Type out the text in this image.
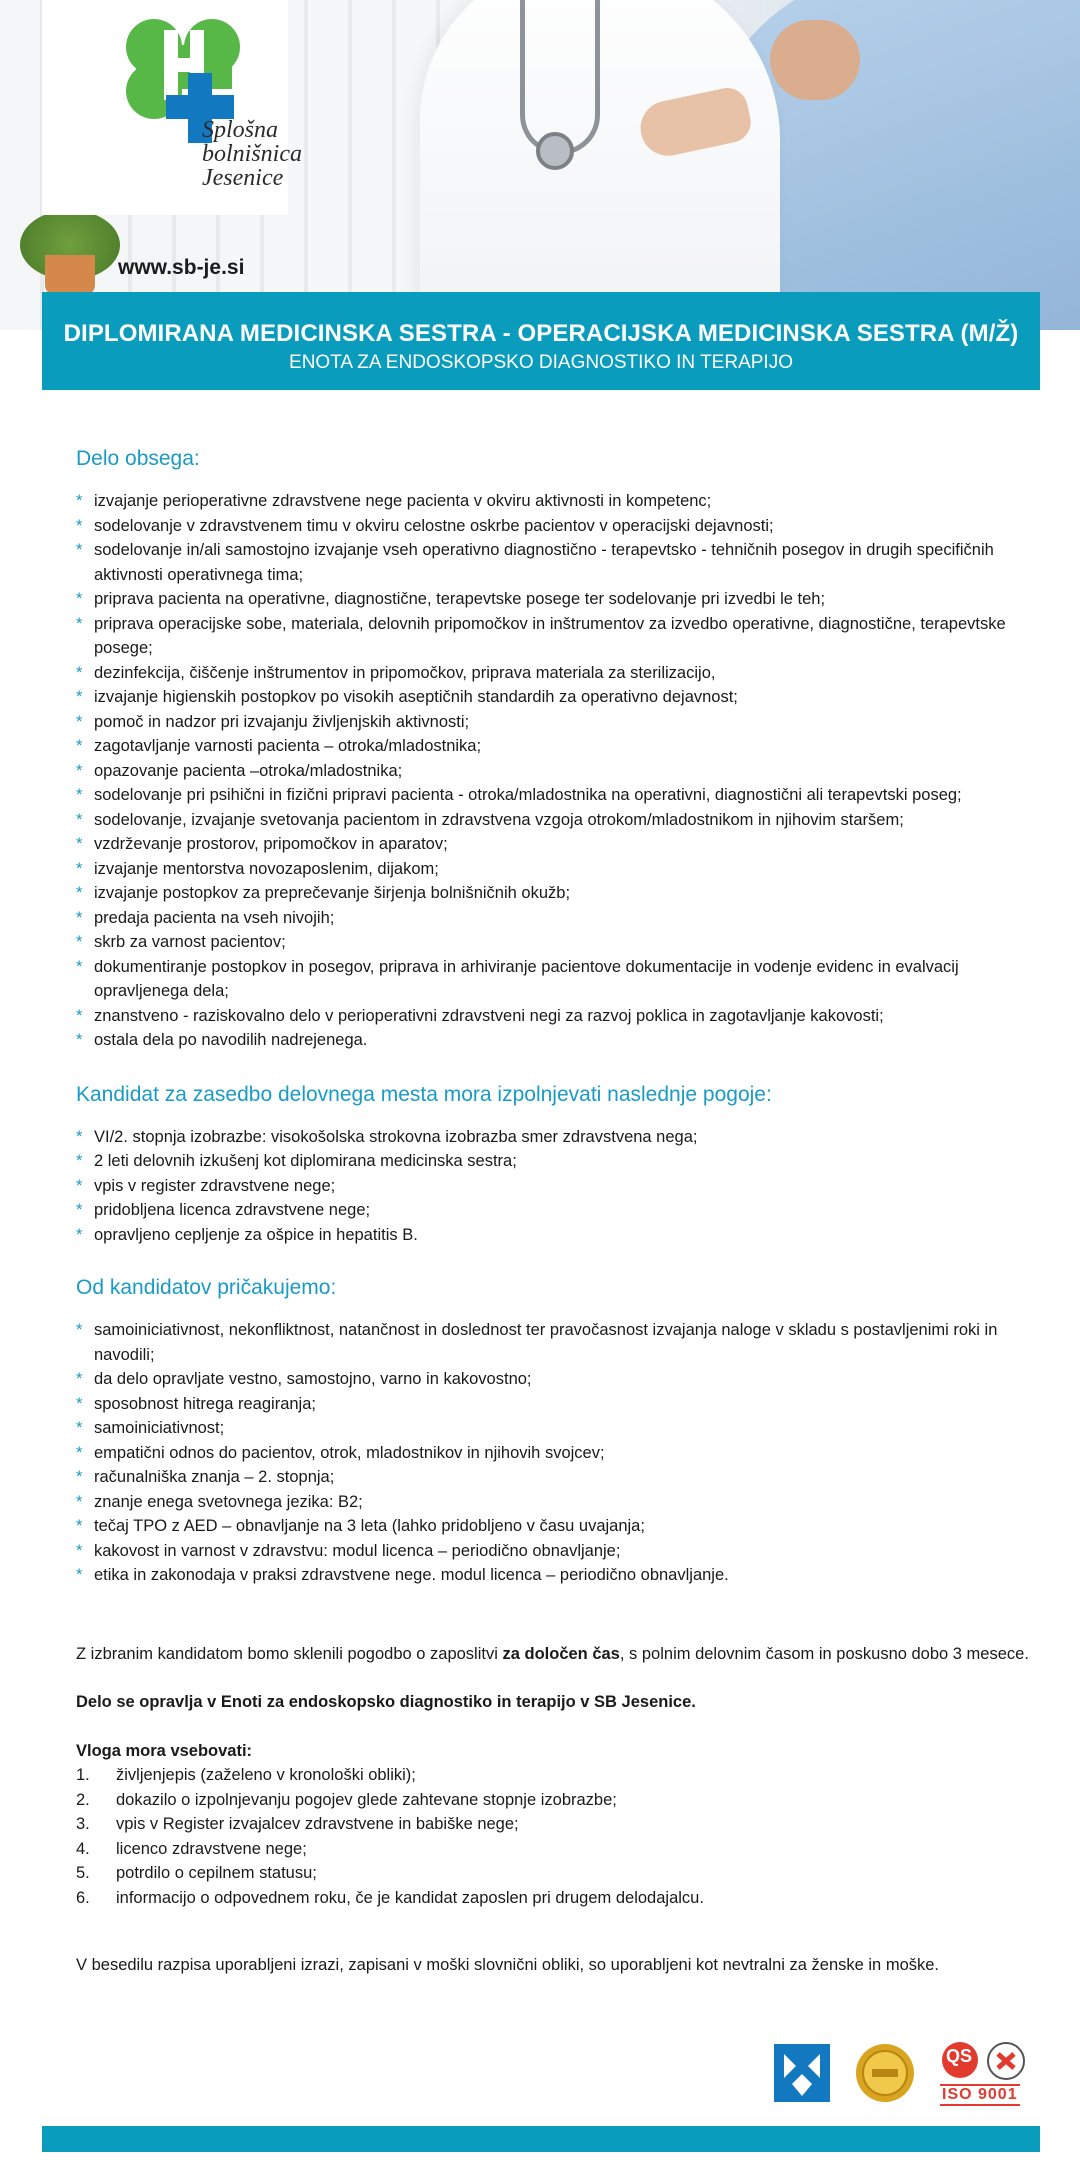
Splošna
bolnišnica
Jesenice
www.sb-je.si
DIPLOMIRANA MEDICINSKA SESTRA - OPERACIJSKA MEDICINSKA SESTRA (M/Ž)
ENOTA ZA ENDOSKOPSKO DIAGNOSTIKO IN TERAPIJO
Delo obsega:
* izvajanje perioperativne zdravstvene nege pacienta v okviru aktivnosti in kompetenc;
* sodelovanje v zdravstvenem timu v okviru celostne oskrbe pacientov v operacijski dejavnosti;
* sodelovanje in/ali samostojno izvajanje vseh operativno diagnostično - terapevtsko - tehničnih posegov in drugih specifičnih aktivnosti operativnega tima;
* priprava pacienta na operativne, diagnostične, terapevtske posege ter sodelovanje pri izvedbi le teh;
* priprava operacijske sobe, materiala, delovnih pripomočkov in inštrumentov za izvedbo operativne, diagnostične, terapevtske posege;
* dezinfekcija, čiščenje inštrumentov in pripomočkov, priprava materiala za sterilizacijo,
* izvajanje higienskih postopkov po visokih aseptičnih standardih za operativno dejavnost;
* pomoč in nadzor pri izvajanju življenjskih aktivnosti;
* zagotavljanje varnosti pacienta – otroka/mladostnika;
* opazovanje pacienta –otroka/mladostnika;
* sodelovanje pri psihični in fizični pripravi pacienta - otroka/mladostnika na operativni, diagnostični ali terapevtski poseg;
* sodelovanje, izvajanje svetovanja pacientom in zdravstvena vzgoja otrokom/mladostnikom in njihovim staršem;
* vzdrževanje prostorov, pripomočkov in aparatov;
* izvajanje mentorstva novozaposlenim, dijakom;
* izvajanje postopkov za preprečevanje širjenja bolnišničnih okužb;
* predaja pacienta na vseh nivojih;
* skrb za varnost pacientov;
* dokumentiranje postopkov in posegov, priprava in arhiviranje pacientove dokumentacije in vodenje evidenc in evalvacij opravljenega dela;
* znanstveno - raziskovalno delo v perioperativni zdravstveni negi za razvoj poklica in zagotavljanje kakovosti;
* ostala dela po navodilih nadrejenega.
Kandidat za zasedbo delovnega mesta mora izpolnjevati naslednje pogoje:
* VI/2. stopnja izobrazbe: visokošolska strokovna izobrazba smer zdravstvena nega;
* 2 leti delovnih izkušenj kot diplomirana medicinska sestra;
* vpis v register zdravstvene nege;
* pridobljena licenca zdravstvene nege;
* opravljeno cepljenje za ošpice in hepatitis B.
Od kandidatov pričakujemo:
* samoiniciativnost, nekonfliktnost, natančnost in doslednost ter pravočasnost izvajanja naloge v skladu s postavljenimi roki in navodili;
* da delo opravljate vestno, samostojno, varno in kakovostno;
* sposobnost hitrega reagiranja;
* samoiniciativnost;
* empatični odnos do pacientov, otrok, mladostnikov in njihovih svojcev;
* računalniška znanja – 2. stopnja;
* znanje enega svetovnega jezika: B2;
* tečaj TPO z AED – obnavljanje na 3 leta (lahko pridobljeno v času uvajanja;
* kakovost in varnost v zdravstvu: modul licenca – periodično obnavljanje;
* etika in zakonodaja v praksi zdravstvene nege. modul licenca – periodično obnavljanje.

Z izbranim kandidatom bomo sklenili pogodbo o zaposlitvi za določen čas, s polnim delovnim časom in poskusno dobo 3 mesece.

Delo se opravlja v Enoti za endoskopsko diagnostiko in terapijo v SB Jesenice.

Vloga mora vsebovati:

1. življenjepis (zaželeno v kronološki obliki);
2. dokazilo o izpolnjevanju pogojev glede zahtevane stopnje izobrazbe;
3. vpis v Register izvajalcev zdravstvene in babiške nege;
4. licenco zdravstvene nege;
5. potrdilo o cepilnem statusu;
6. informacijo o odpovednem roku, če je kandidat zaposlen pri drugem delodajalcu.

V besedilu razpisa uporabljeni izrazi, zapisani v moški slovnični obliki, so uporabljeni kot nevtralni za ženske in moške.

QS
ISO 9001
